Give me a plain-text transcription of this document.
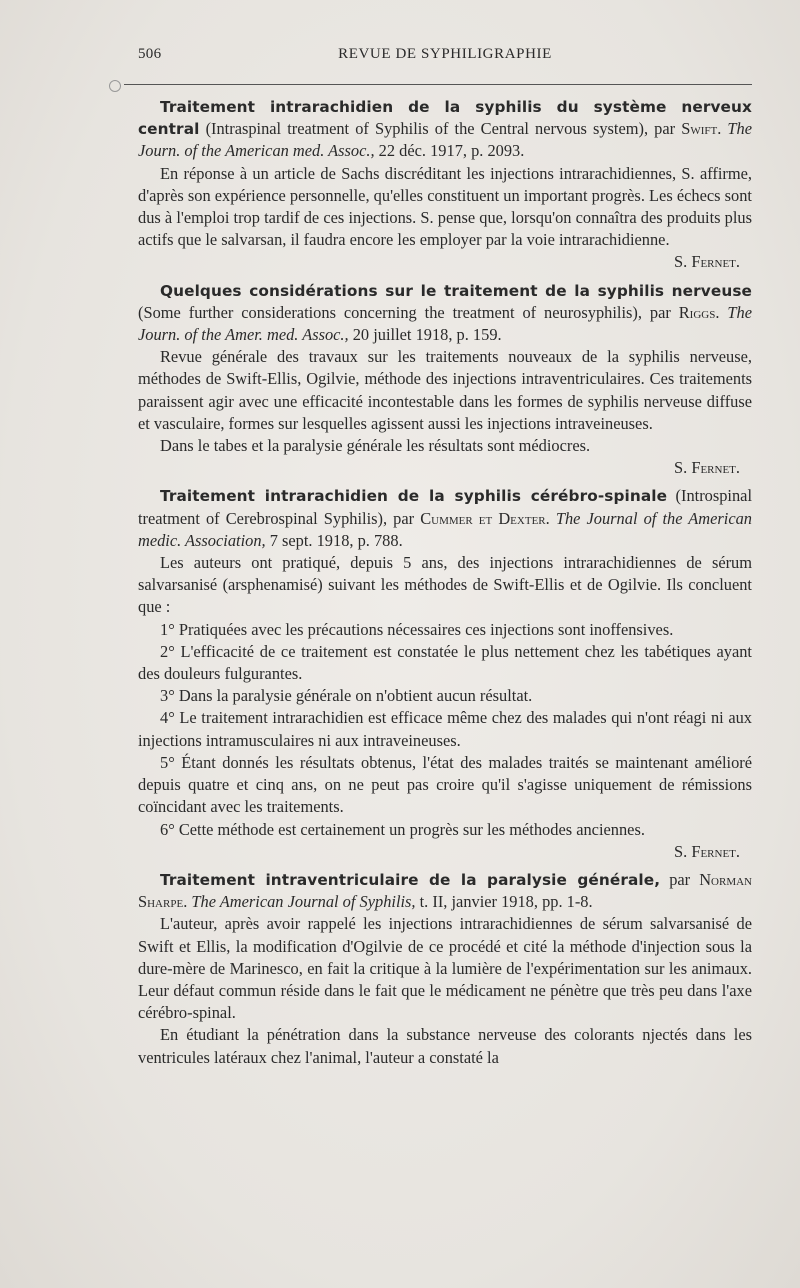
506	REVUE DE SYPHILIGRAPHIE

Traitement intrarachidien de la syphilis du système nerveux central (Intraspinal treatment of Syphilis of the Central nervous system), par Swift. The Journ. of the American med. Assoc., 22 déc. 1917, p. 2093.

En réponse à un article de Sachs discréditant les injections intrarachidiennes, S. affirme, d'après son expérience personnelle, qu'elles constituent un important progrès. Les échecs sont dus à l'emploi trop tardif de ces injections. S. pense que, lorsqu'on connaîtra des produits plus actifs que le salvarsan, il faudra encore les employer par la voie intrarachidienne.

S. Fernet.

Quelques considérations sur le traitement de la syphilis nerveuse (Some further considerations concerning the treatment of neurosyphilis), par Riggs. The Journ. of the Amer. med. Assoc., 20 juillet 1918, p. 159.

Revue générale des travaux sur les traitements nouveaux de la syphilis nerveuse, méthodes de Swift-Ellis, Ogilvie, méthode des injections intraventriculaires. Ces traitements paraissent agir avec une efficacité incontestable dans les formes de syphilis nerveuse diffuse et vasculaire, formes sur lesquelles agissent aussi les injections intraveineuses.

Dans le tabes et la paralysie générale les résultats sont médiocres.

S. Fernet.

Traitement intrarachidien de la syphilis cérébro-spinale (Introspinal treatment of Cerebrospinal Syphilis), par Cummer et Dexter. The Journal of the American medic. Association, 7 sept. 1918, p. 788.

Les auteurs ont pratiqué, depuis 5 ans, des injections intrarachidiennes de sérum salvarsanisé (arsphenamisé) suivant les méthodes de Swift-Ellis et de Ogilvie. Ils concluent que :

1° Pratiquées avec les précautions nécessaires ces injections sont inoffensives.

2° L'efficacité de ce traitement est constatée le plus nettement chez les tabétiques ayant des douleurs fulgurantes.

3° Dans la paralysie générale on n'obtient aucun résultat.

4° Le traitement intrarachidien est efficace même chez des malades qui n'ont réagi ni aux injections intramusculaires ni aux intraveineuses.

5° Étant donnés les résultats obtenus, l'état des malades traités se maintenant amélioré depuis quatre et cinq ans, on ne peut pas croire qu'il s'agisse uniquement de rémissions coïncidant avec les traitements.

6° Cette méthode est certainement un progrès sur les méthodes anciennes.

S. Fernet.

Traitement intraventriculaire de la paralysie générale, par Norman Sharpe. The American Journal of Syphilis, t. II, janvier 1918, pp. 1-8.

L'auteur, après avoir rappelé les injections intrarachidiennes de sérum salvarsanisé de Swift et Ellis, la modification d'Ogilvie de ce procédé et cité la méthode d'injection sous la dure-mère de Marinesco, en fait la critique à la lumière de l'expérimentation sur les animaux. Leur défaut commun réside dans le fait que le médicament ne pénètre que très peu dans l'axe cérébro-spinal.

En étudiant la pénétration dans la substance nerveuse des colorants njectés dans les ventricules latéraux chez l'animal, l'auteur a constaté la
